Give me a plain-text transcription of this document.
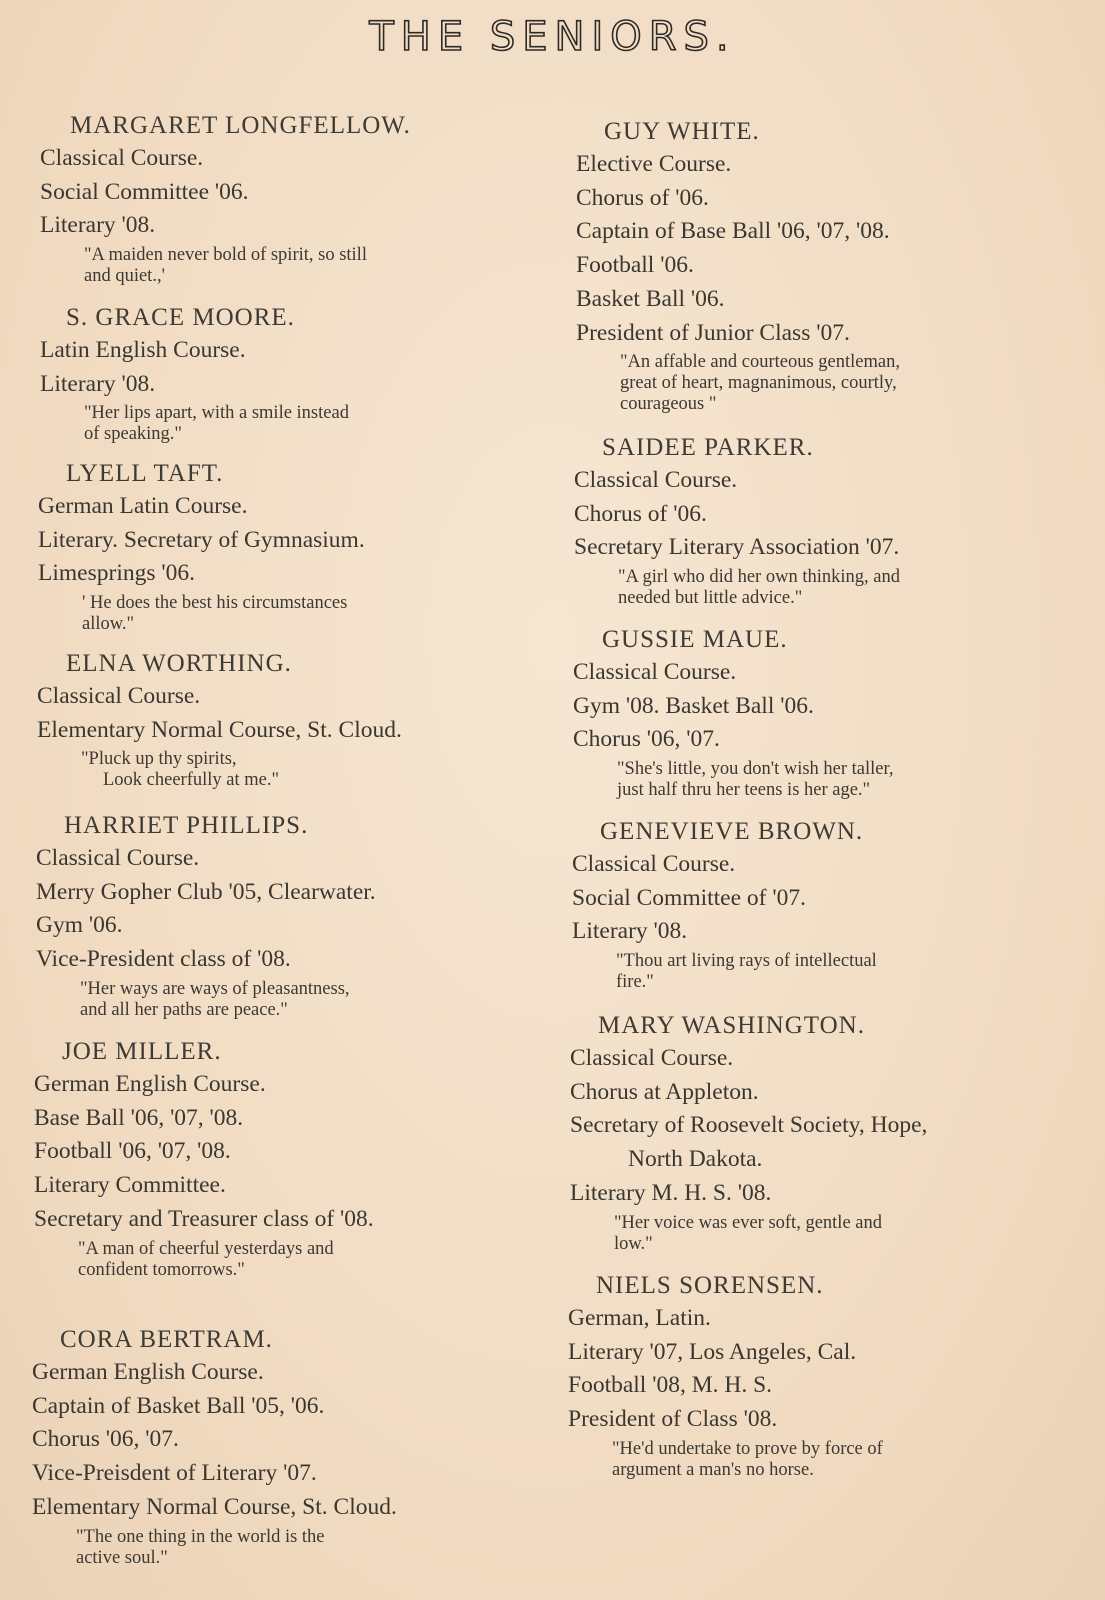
THE SENIORS.
MARGARET LONGFELLOW.
Classical Course.
Social Committee '06.
Literary '08.
"A maiden never bold of spirit, so still
and quiet.,'
S. GRACE MOORE.
Latin English Course.
Literary '08.
"Her lips apart, with a smile instead
of speaking."
LYELL TAFT.
German Latin Course.
Literary. Secretary of Gymnasium.
Limesprings '06.
' He does the best his circumstances
allow."
ELNA WORTHING.
Classical Course.
Elementary Normal Course, St. Cloud.
"Pluck up thy spirits,
Look cheerfully at me."
HARRIET PHILLIPS.
Classical Course.
Merry Gopher Club '05, Clearwater.
Gym '06.
Vice-President class of '08.
"Her ways are ways of pleasantness,
and all her paths are peace."
JOE MILLER.
German English Course.
Base Ball '06, '07, '08.
Football '06, '07, '08.
Literary Committee.
Secretary and Treasurer class of '08.
"A man of cheerful yesterdays and
confident tomorrows."
CORA BERTRAM.
German English Course.
Captain of Basket Ball '05, '06.
Chorus '06, '07.
Vice-Preisdent of Literary '07.
Elementary Normal Course, St. Cloud.
"The one thing in the world is the
active soul."
GUY WHITE.
Elective Course.
Chorus of '06.
Captain of Base Ball '06, '07, '08.
Football '06.
Basket Ball '06.
President of Junior Class '07.
"An affable and courteous gentleman,
great of heart, magnanimous, courtly,
courageous "
SAIDEE PARKER.
Classical Course.
Chorus of '06.
Secretary Literary Association '07.
"A girl who did her own thinking, and
needed but little advice."
GUSSIE MAUE.
Classical Course.
Gym '08. Basket Ball '06.
Chorus '06, '07.
"She's little, you don't wish her taller,
just half thru her teens is her age."
GENEVIEVE BROWN.
Classical Course.
Social Committee of '07.
Literary '08.
"Thou art living rays of intellectual
fire."
MARY WASHINGTON.
Classical Course.
Chorus at Appleton.
Secretary of Roosevelt Society, Hope,
North Dakota.
Literary M. H. S. '08.
"Her voice was ever soft, gentle and
low."
NIELS SORENSEN.
German, Latin.
Literary '07, Los Angeles, Cal.
Football '08, M. H. S.
President of Class '08.
"He'd undertake to prove by force of
argument a man's no horse.
